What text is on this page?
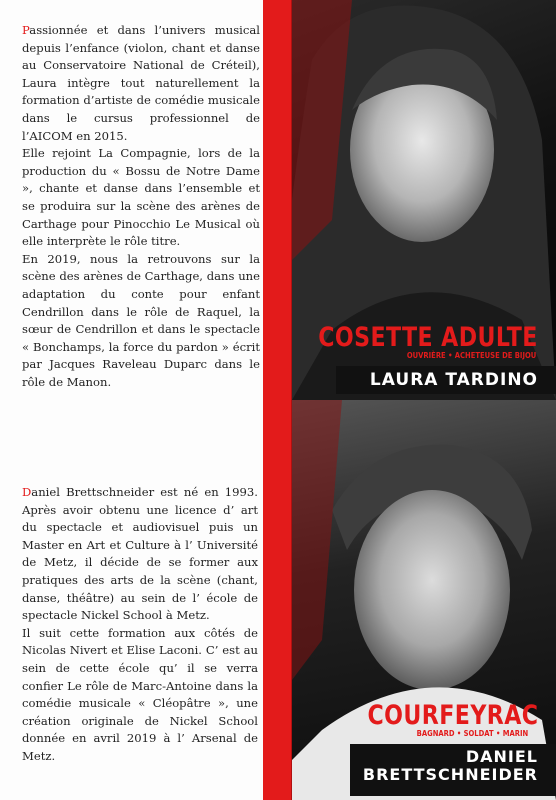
Passionnée et dans l’univers musical depuis l’enfance (violon, chant et danse au Conservatoire National de Créteil), Laura intègre tout naturellement la formation d’artiste de comédie musicale dans le cursus professionnel de l’AICOM en 2015.

Elle rejoint La Compagnie, lors de la production du « Bossu de Notre Dame », chante et danse dans l’ensemble et se produira sur la scène des arènes de Carthage pour Pinocchio Le Musical où elle interprète le rôle titre.

En 2019, nous la retrouvons sur la scène des arènes de Carthage, dans une adaptation du conte pour enfant Cendrillon dans le rôle de Raquel, la sœur de Cendrillon et dans le spectacle « Bonchamps, la force du pardon » écrit par Jacques Raveleau Duparc dans le rôle de Manon.

Daniel Brettschneider est né en 1993. Après avoir obtenu une licence d’ art du spectacle et audiovisuel puis un Master en Art et Culture à l’ Université de Metz, il décide de se former aux pratiques des arts de la scène (chant, danse, théâtre) au sein de l’ école de spectacle Nickel School à Metz.

Il suit cette formation aux côtés de Nicolas Nivert et Elise Laconi. C’ est au sein de cette école qu’ il se verra confier Le rôle de Marc-Antoine dans la comédie musicale « Cléopâtre », une création originale de Nickel School donnée en avril 2019 à l’ Arsenal de Metz.

COSETTE ADULTE
OUVRIÈRE • ACHETEUSE DE BIJOU
LAURA TARDINO
COURFEYRAC
BAGNARD • SOLDAT • MARIN
DANIEL
BRETTSCHNEIDER
